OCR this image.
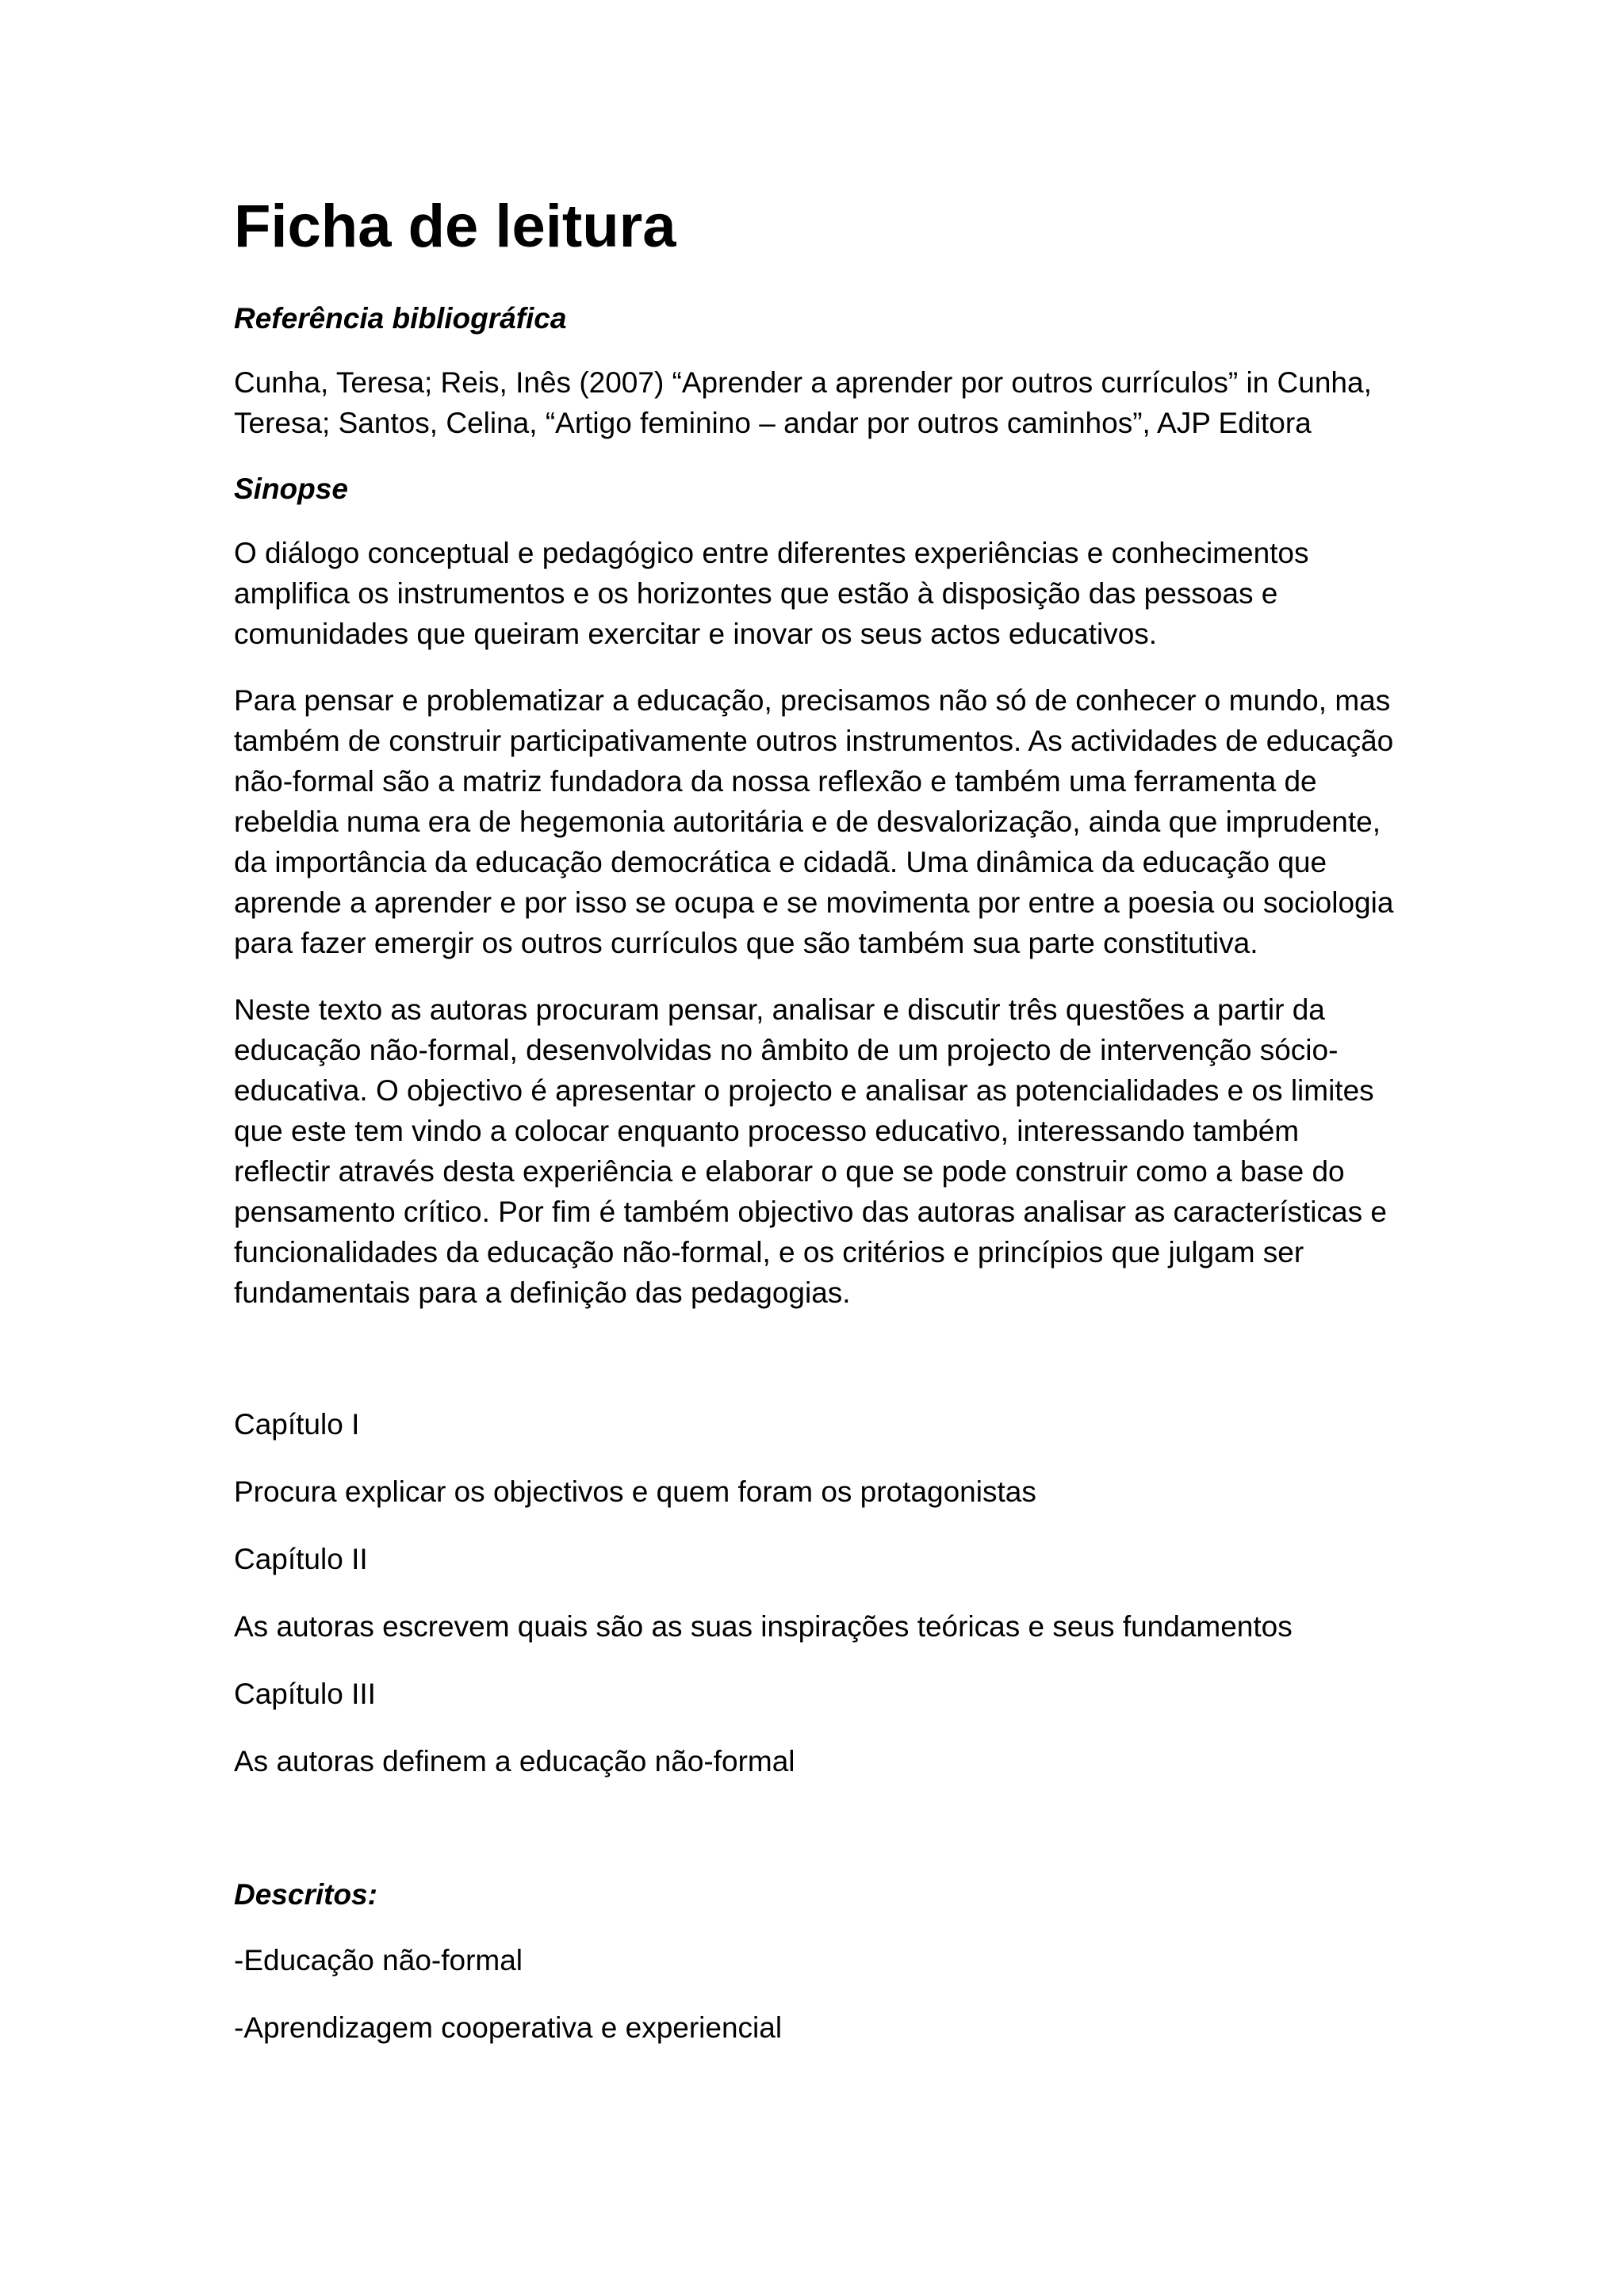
Ficha de leitura

Referência bibliográfica

Cunha, Teresa; Reis, Inês (2007) “Aprender a aprender por outros currículos” in Cunha, Teresa; Santos, Celina, “Artigo feminino – andar por outros caminhos”, AJP Editora

Sinopse

O diálogo conceptual e pedagógico entre diferentes experiências e conhecimentos amplifica os instrumentos e os horizontes que estão à disposição das pessoas e comunidades que queiram exercitar e inovar os seus actos educativos.

Para pensar e problematizar a educação, precisamos não só de conhecer o mundo, mas também de construir participativamente outros instrumentos. As actividades de educação não-formal são a matriz fundadora da nossa reflexão e também uma ferramenta de rebeldia numa era de hegemonia autoritária e de desvalorização, ainda que imprudente, da importância da educação democrática e cidadã. Uma dinâmica da educação que aprende a aprender e por isso se ocupa e se movimenta por entre a poesia ou sociologia para fazer emergir os outros currículos que são também sua parte constitutiva.

Neste texto as autoras procuram pensar, analisar e discutir três questões a partir da educação não-formal, desenvolvidas no âmbito de um projecto de intervenção sócio-educativa. O objectivo é apresentar o projecto e analisar as potencialidades e os limites que este tem vindo a colocar enquanto processo educativo, interessando também reflectir através desta experiência e elaborar o que se pode construir como a base do pensamento crítico. Por fim é também objectivo das autoras analisar as características e funcionalidades da educação não-formal, e os critérios e princípios que julgam ser fundamentais para a definição das pedagogias.

Capítulo I

Procura explicar os objectivos e quem foram os protagonistas

Capítulo II

As autoras escrevem quais são as suas inspirações teóricas e seus fundamentos

Capítulo III

As autoras definem a educação não-formal

Descritos:

-Educação não-formal

-Aprendizagem cooperativa e experiencial
